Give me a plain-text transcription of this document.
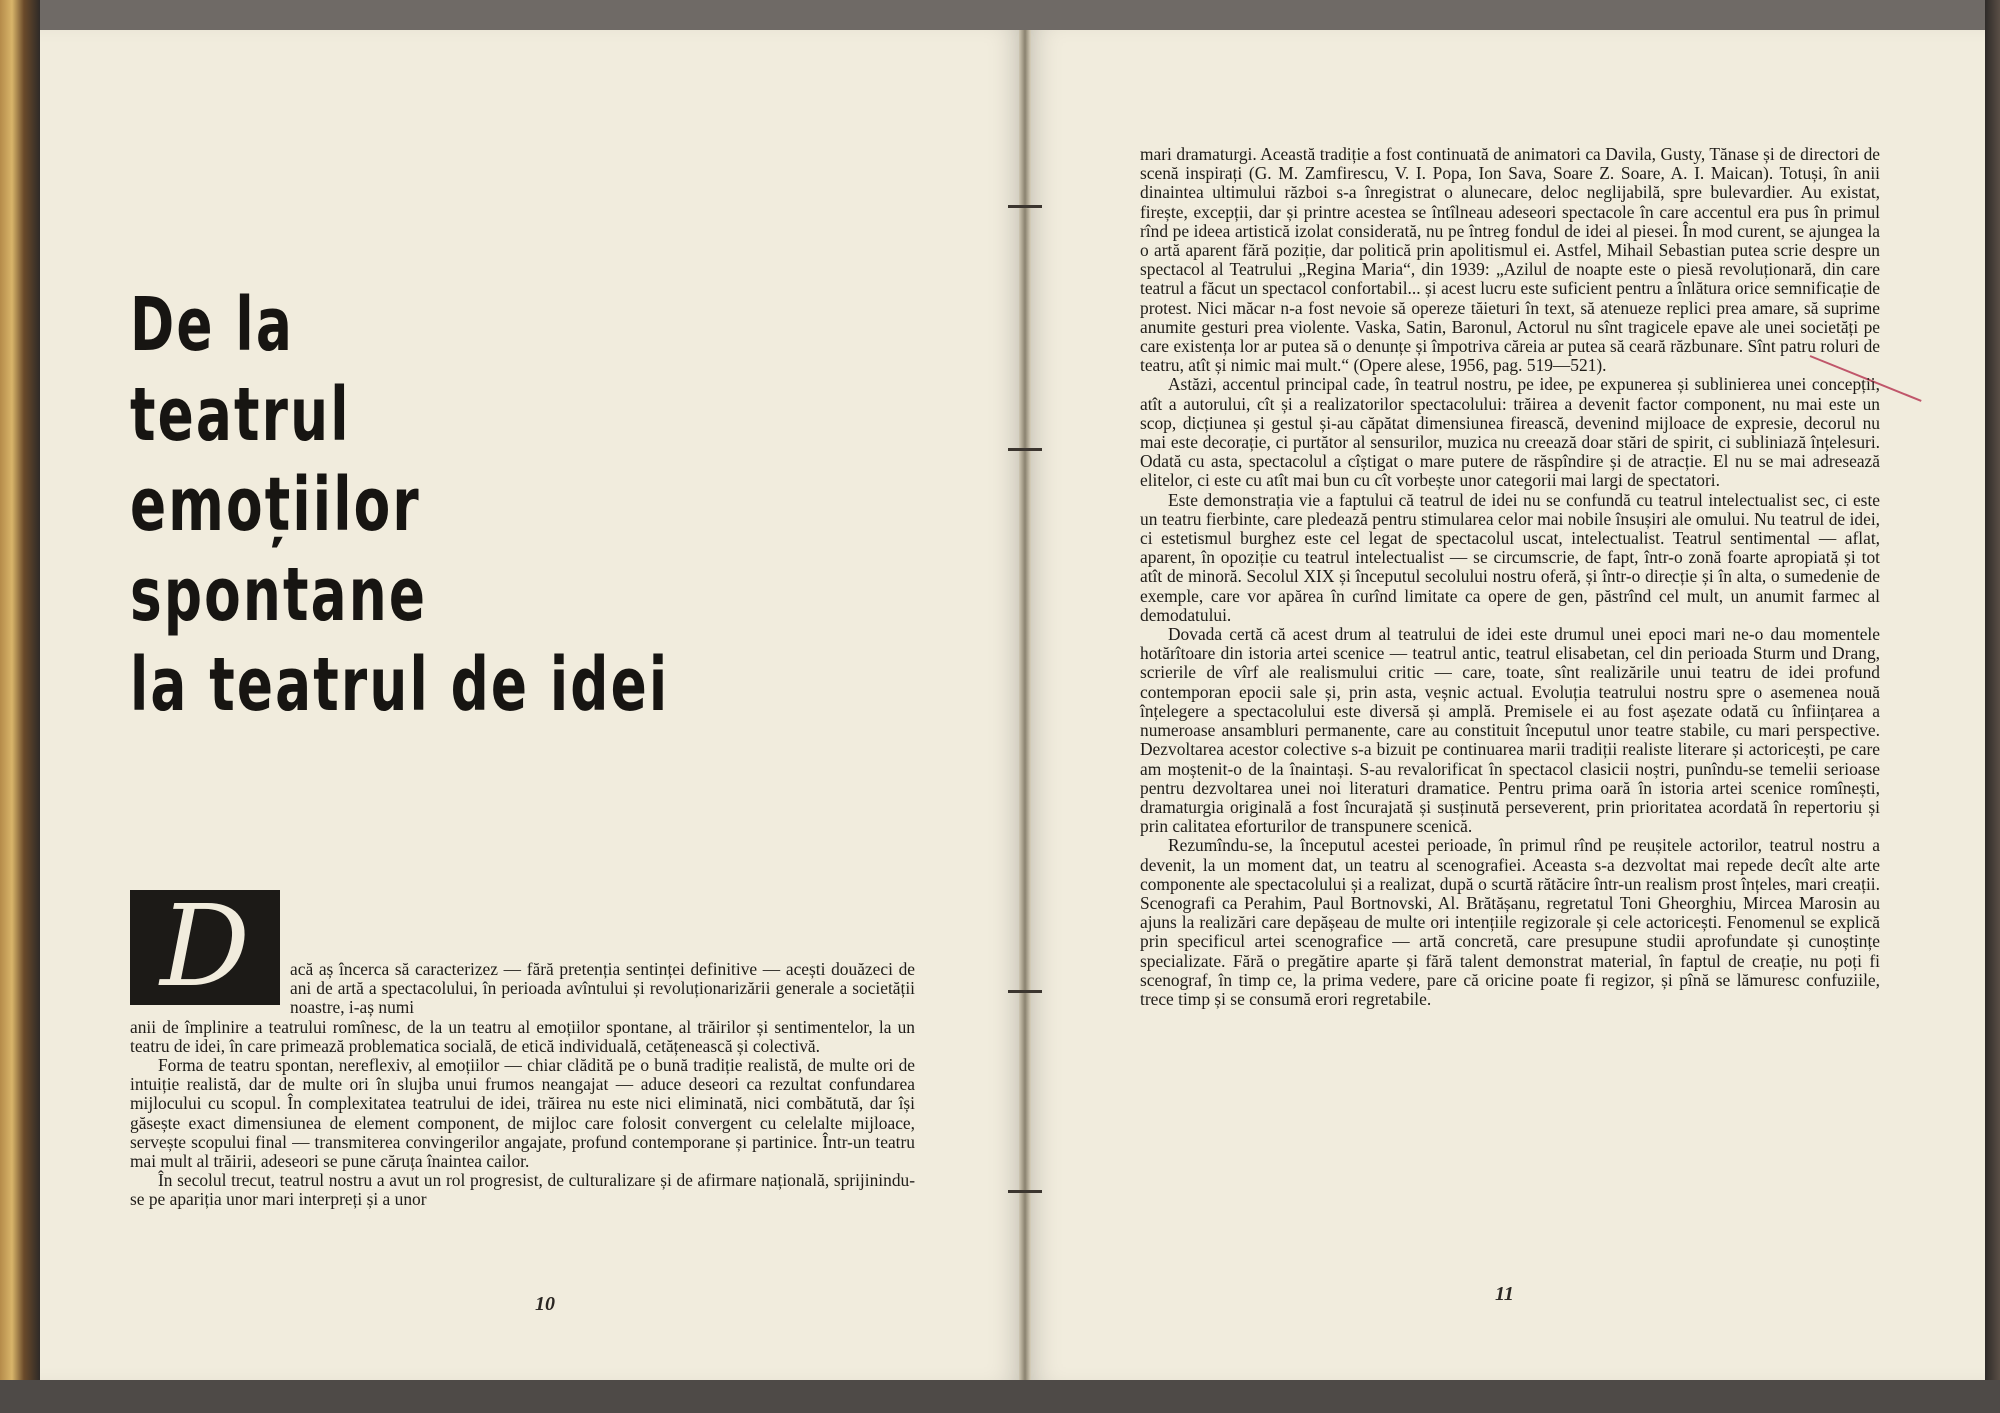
De la
teatrul
emoțiilor
spontane
la teatrul de idei
D	acă aș încerca să caracterizez — fără pretenția sentinței definitive — acești douăzeci de ani de artă a spectacolului, în perioada avîntului și revoluționarizării generale a societății noastre, i-aș numi

anii de împlinire a teatrului romînesc, de la un teatru al emoțiilor spontane, al trăirilor și sentimentelor, la un teatru de idei, în care primează problematica socială, de etică individuală, cetățenească și colectivă.

Forma de teatru spontan, nereflexiv, al emoțiilor — chiar clădită pe o bună tradiție realistă, de multe ori de intuiție realistă, dar de multe ori în slujba unui frumos neangajat — aduce deseori ca rezultat confundarea mijlocului cu scopul. În complexitatea teatrului de idei, trăirea nu este nici eliminată, nici combătută, dar își găsește exact dimensiunea de element component, de mijloc care folosit convergent cu celelalte mijloace, servește scopului final — transmiterea convingerilor angajate, profund contemporane și partinice. Într-un teatru mai mult al trăirii, adeseori se pune căruța înaintea cailor.

În secolul trecut, teatrul nostru a avut un rol progresist, de culturalizare și de afirmare națională, sprijinindu-se pe apariția unor mari interpreți și a unor

10

mari dramaturgi. Această tradiție a fost continuată de animatori ca Davila, Gusty, Tănase și de directori de scenă inspirați (G. M. Zamfirescu, V. I. Popa, Ion Sava, Soare Z. Soare, A. I. Maican). Totuși, în anii dinaintea ultimului război s-a înregistrat o alunecare, deloc neglijabilă, spre bulevardier. Au existat, firește, excepții, dar și printre acestea se întîlneau adeseori spectacole în care accentul era pus în primul rînd pe ideea artistică izolat considerată, nu pe întreg fondul de idei al piesei. În mod curent, se ajungea la o artă aparent fără poziție, dar politică prin apolitismul ei. Astfel, Mihail Sebastian putea scrie despre un spectacol al Teatrului „Regina Maria“, din 1939: „Azilul de noapte este o piesă revoluționară, din care teatrul a făcut un spectacol confortabil... și acest lucru este suficient pentru a înlătura orice semnificație de protest. Nici măcar n-a fost nevoie să opereze tăieturi în text, să atenueze replici prea amare, să suprime anumite gesturi prea violente. Vaska, Satin, Baronul, Actorul nu sînt tragicele epave ale unei societăți pe care existența lor ar putea să o denunțe și împotriva căreia ar putea să ceară răzbunare. Sînt patru roluri de teatru, atît și nimic mai mult.“ (Opere alese, 1956, pag. 519—521).

Astăzi, accentul principal cade, în teatrul nostru, pe idee, pe expunerea și sublinierea unei concepții, atît a autorului, cît și a realizatorilor spectacolului: trăirea a devenit factor component, nu mai este un scop, dicțiunea și gestul și-au căpătat dimensiunea firească, devenind mijloace de expresie, decorul nu mai este decorație, ci purtător al sensurilor, muzica nu creează doar stări de spirit, ci subliniază înțelesuri. Odată cu asta, spectacolul a cîștigat o mare putere de răspîndire și de atracție. El nu se mai adresează elitelor, ci este cu atît mai bun cu cît vorbește unor categorii mai largi de spectatori.

Este demonstrația vie a faptului că teatrul de idei nu se confundă cu teatrul intelectualist sec, ci este un teatru fierbinte, care pledează pentru stimularea celor mai nobile însușiri ale omului. Nu teatrul de idei, ci estetismul burghez este cel legat de spectacolul uscat, intelectualist. Teatrul sentimental — aflat, aparent, în opoziție cu teatrul intelectualist — se circumscrie, de fapt, într-o zonă foarte apropiată și tot atît de minoră. Secolul XIX și începutul secolului nostru oferă, și într-o direcție și în alta, o sumedenie de exemple, care vor apărea în curînd limitate ca opere de gen, păstrînd cel mult, un anumit farmec al demodatului.

Dovada certă că acest drum al teatrului de idei este drumul unei epoci mari ne-o dau momentele hotărîtoare din istoria artei scenice — teatrul antic, teatrul elisabetan, cel din perioada Sturm und Drang, scrierile de vîrf ale realismului critic — care, toate, sînt realizările unui teatru de idei profund contemporan epocii sale și, prin asta, veșnic actual. Evoluția teatrului nostru spre o asemenea nouă înțelegere a spectacolului este diversă și amplă. Premisele ei au fost așezate odată cu înființarea a numeroase ansambluri permanente, care au constituit începutul unor teatre stabile, cu mari perspective. Dezvoltarea acestor colective s-a bizuit pe continuarea marii tradiții realiste literare și actoricești, pe care am moștenit-o de la înaintași. S-au revalorificat în spectacol clasicii noștri, punîndu-se temelii serioase pentru dezvoltarea unei noi literaturi dramatice. Pentru prima oară în istoria artei scenice romînești, dramaturgia originală a fost încurajată și susținută perseverent, prin prioritatea acordată în repertoriu și prin calitatea eforturilor de transpunere scenică.

Rezumîndu-se, la începutul acestei perioade, în primul rînd pe reușitele actorilor, teatrul nostru a devenit, la un moment dat, un teatru al scenografiei. Aceasta s-a dezvoltat mai repede decît alte arte componente ale spectacolului și a realizat, după o scurtă rătăcire într-un realism prost înțeles, mari creații. Scenografi ca Perahim, Paul Bortnovski, Al. Brătășanu, regretatul Toni Gheorghiu, Mircea Marosin au ajuns la realizări care depășeau de multe ori intențiile regizorale și cele actoricești. Fenomenul se explică prin specificul artei scenografice — artă concretă, care presupune studii aprofundate și cunoștințe specializate. Fără o pregătire aparte și fără talent demonstrat material, în faptul de creație, nu poți fi scenograf, în timp ce, la prima vedere, pare că oricine poate fi regizor, și pînă se lămuresc confuziile, trece timp și se consumă erori regretabile.

11
